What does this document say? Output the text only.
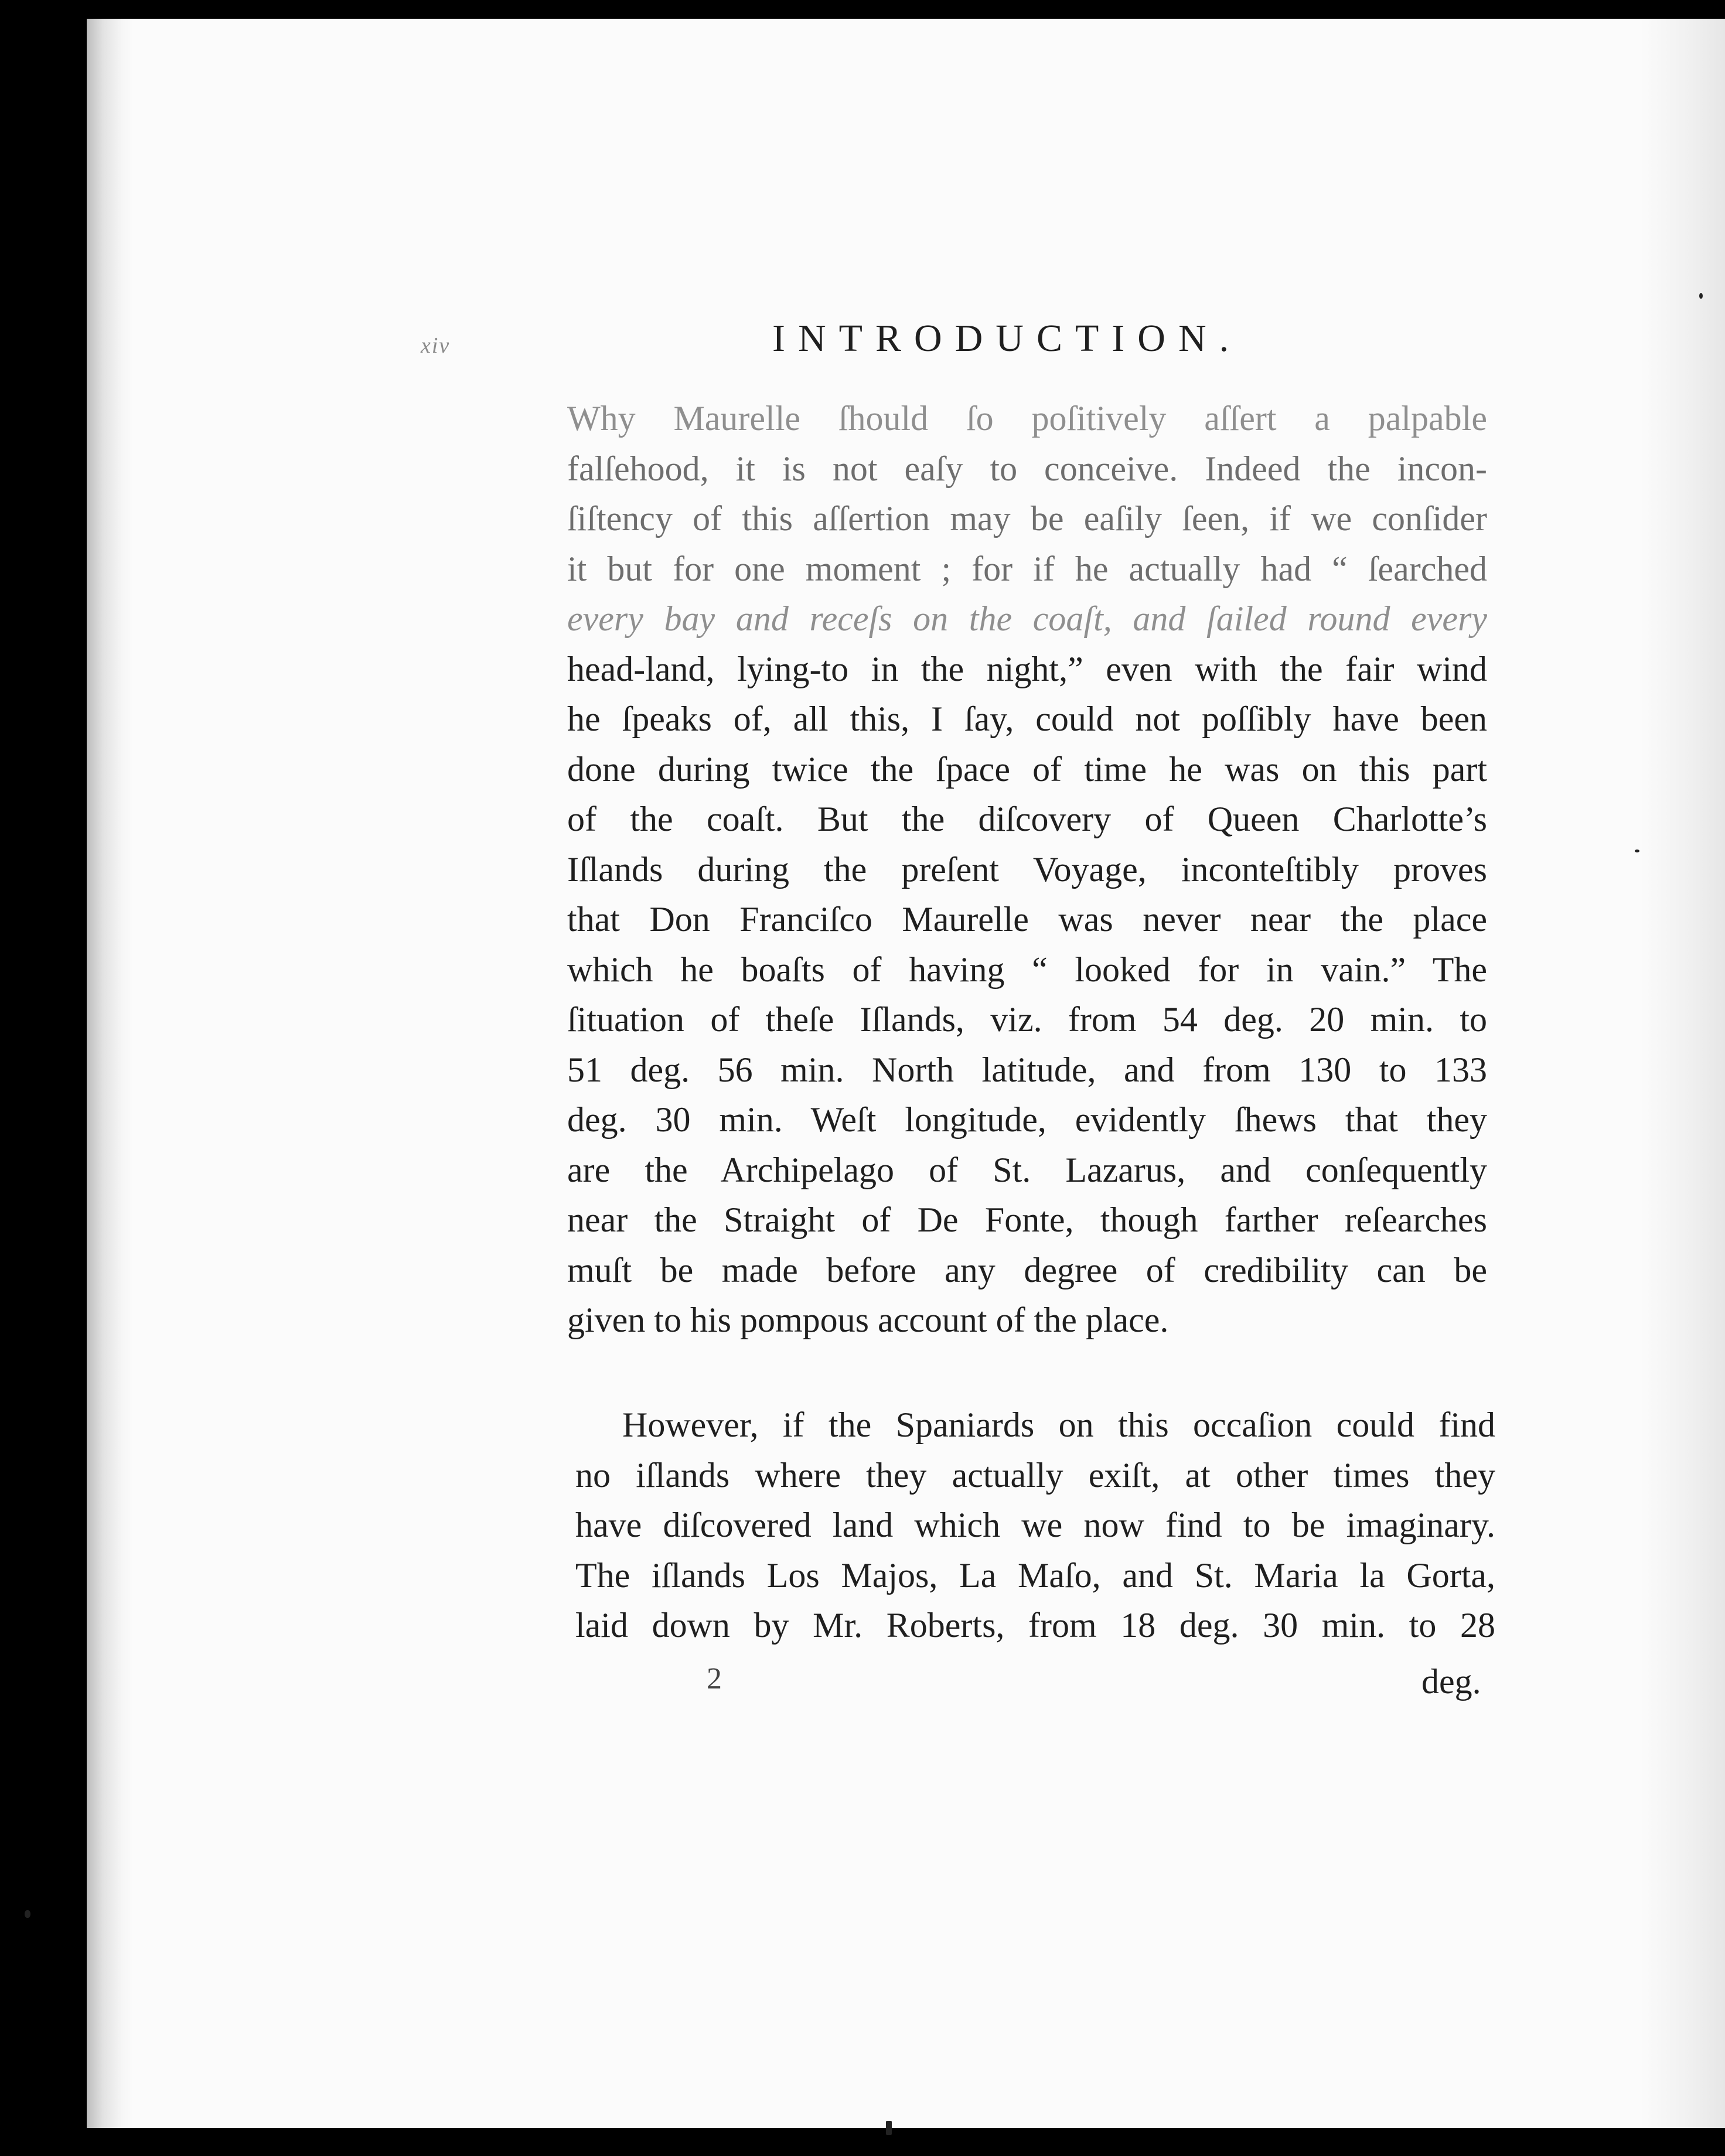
xiv	INTRODUCTION.
Why Maurelle ſhould ſo poſitively aſſert a palpable
falſehood, it is not eaſy to conceive. Indeed the incon-
ſiſtency of this aſſertion may be eaſily ſeen, if we conſider
it but for one moment ; for if he actually had “ ſearched
every bay and receſs on the coaſt, and ſailed round every
head-land, lying-to in the night,” even with the fair wind
he ſpeaks of, all this, I ſay, could not poſſibly have been
done during twice the ſpace of time he was on this part
of the coaſt. But the diſcovery of Queen Charlotte’s
Iſlands during the preſent Voyage, inconteſtibly proves
that Don Franciſco Maurelle was never near the place
which he boaſts of having “ looked for in vain.” The
ſituation of theſe Iſlands, viz. from 54 deg. 20 min. to
51 deg. 56 min. North latitude, and from 130 to 133
deg. 30 min. Weſt longitude, evidently ſhews that they
are the Archipelago of St. Lazarus, and conſequently
near the Straight of De Fonte, though farther reſearches
muſt be made before any degree of credibility can be
given to his pompous account of the place.
However, if the Spaniards on this occaſion could find
no iſlands where they actually exiſt, at other times they
have diſcovered land which we now find to be imaginary.
The iſlands Los Majos, La Maſo, and St. Maria la Gorta,
laid down by Mr. Roberts, from 18 deg. 30 min. to 28
2	deg.
